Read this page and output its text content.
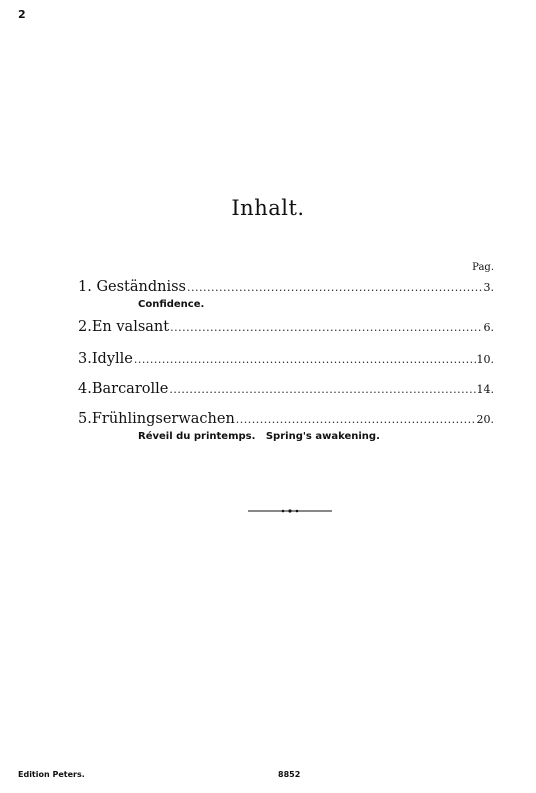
2
Inhalt.
Pag.
1. Geständniss .....	3.
Confidence.
2.En valsant .....	6.
3.Idylle .....	10.
4.Barcarolle .....	14.
5.Frühlingserwachen .....	20.
Réveil du printemps.   Spring's awakening.
Edition Peters.	8852
